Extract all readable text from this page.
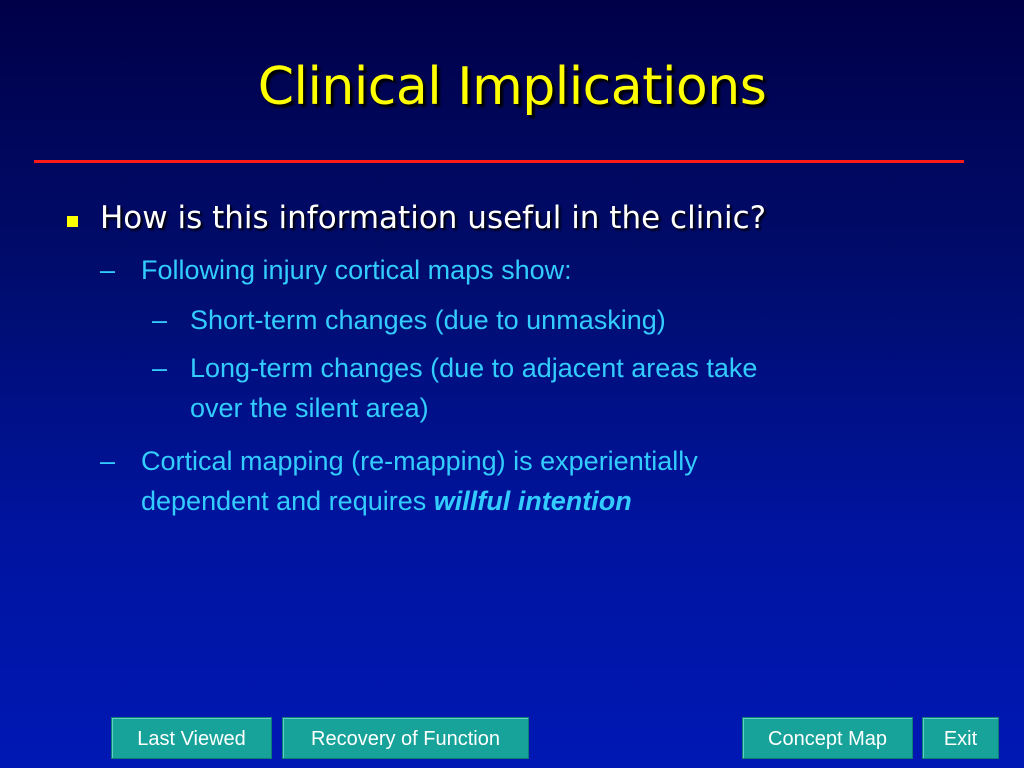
Clinical Implications
How is this information useful in the clinic?
– Following injury cortical maps show:
– Short-term changes (due to unmasking)
– Long-term changes (due to adjacent areas take
over the silent area)
– Cortical mapping (re-mapping) is experientially
dependent and requires willful intention
Last Viewed	Recovery of Function	Concept Map	Exit
